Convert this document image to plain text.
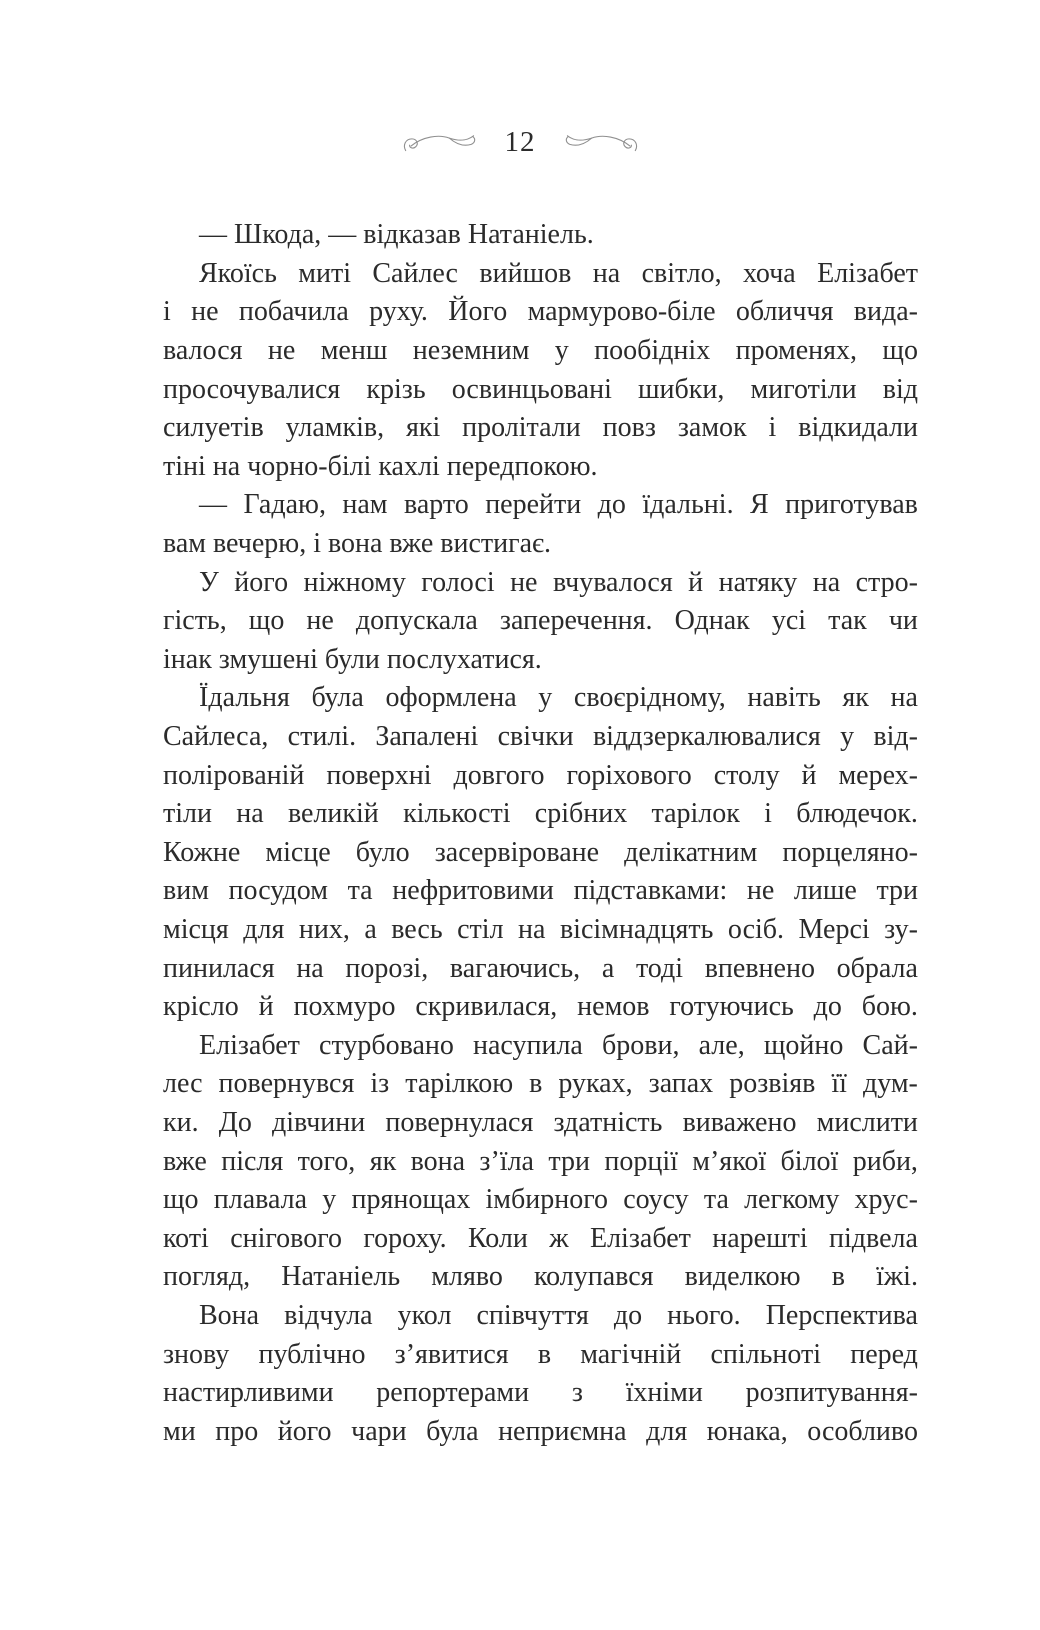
12
— Шкода, — відказав Натаніель.
Якоїсь миті Сайлес вийшов на світло, хоча Елізабет
і не побачила руху. Його мармурово-біле обличчя вида-
валося не менш неземним у пообідніх променях, що
просочувалися крізь освинцьовані шибки, миготіли від
силуетів уламків, які пролітали повз замок і відкидали
тіні на чорно-білі кахлі передпокою.
— Гадаю, нам варто перейти до їдальні. Я приготував
вам вечерю, і вона вже вистигає.
У його ніжному голосі не вчувалося й натяку на стро-
гість, що не допускала заперечення. Однак усі так чи
інак змушені були послухатися.
Їдальня була оформлена у своєрідному, навіть як на
Сайлеса, стилі. Запалені свічки віддзеркалювалися у від-
полірованій поверхні довгого горіхового столу й мерех-
тіли на великій кількості срібних тарілок і блюдечок.
Кожне місце було засервіроване делікатним порцеляно-
вим посудом та нефритовими підставками: не лише три
місця для них, а весь стіл на вісімнадцять осіб. Мерсі зу-
пинилася на порозі, вагаючись, а тоді впевнено обрала
крісло й похмуро скривилася, немов готуючись до бою.
Елізабет стурбовано насупила брови, але, щойно Сай-
лес повернувся із тарілкою в руках, запах розвіяв її дум-
ки. До дівчини повернулася здатність виважено мислити
вже після того, як вона з’їла три порції м’якої білої риби,
що плавала у прянощах імбирного соусу та легкому хрус-
коті снігового гороху. Коли ж Елізабет нарешті підвела
погляд, Натаніель мляво колупався виделкою в їжі.
Вона відчула укол співчуття до нього. Перспектива
знову публічно з’явитися в магічній спільноті перед
настирливими репортерами з їхніми розпитування-
ми про його чари була неприємна для юнака, особливо
